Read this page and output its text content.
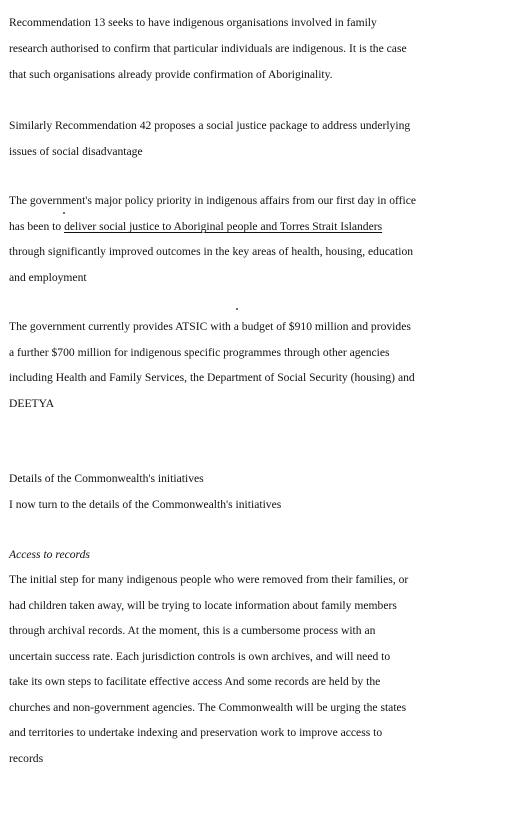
Recommendation 13 seeks to have indigenous organisations involved in family
research authorised to confirm that particular individuals are indigenous. It is the case
that such organisations already provide confirmation of Aboriginality.
Similarly Recommendation 42 proposes a social justice package to address underlying
issues of social disadvantage
The government's major policy priority in indigenous affairs from our first day in office
has been to deliver social justice to Aboriginal people and Torres Strait Islanders
through significantly improved outcomes in the key areas of health, housing, education
and employment
The government currently provides ATSIC with a budget of $910 million and provides
a further $700 million for indigenous specific programmes through other agencies
including Health and Family Services, the Department of Social Security (housing) and
DEETYA
Details of the Commonwealth's initiatives
I now turn to the details of the Commonwealth's initiatives
Access to records
The initial step for many indigenous people who were removed from their families, or
had children taken away, will be trying to locate information about family members
through archival records. At the moment, this is a cumbersome process with an
uncertain success rate. Each jurisdiction controls is own archives, and will need to
take its own steps to facilitate effective access And some records are held by the
churches and non-government agencies. The Commonwealth will be urging the states
and territories to undertake indexing and preservation work to improve access to
records
